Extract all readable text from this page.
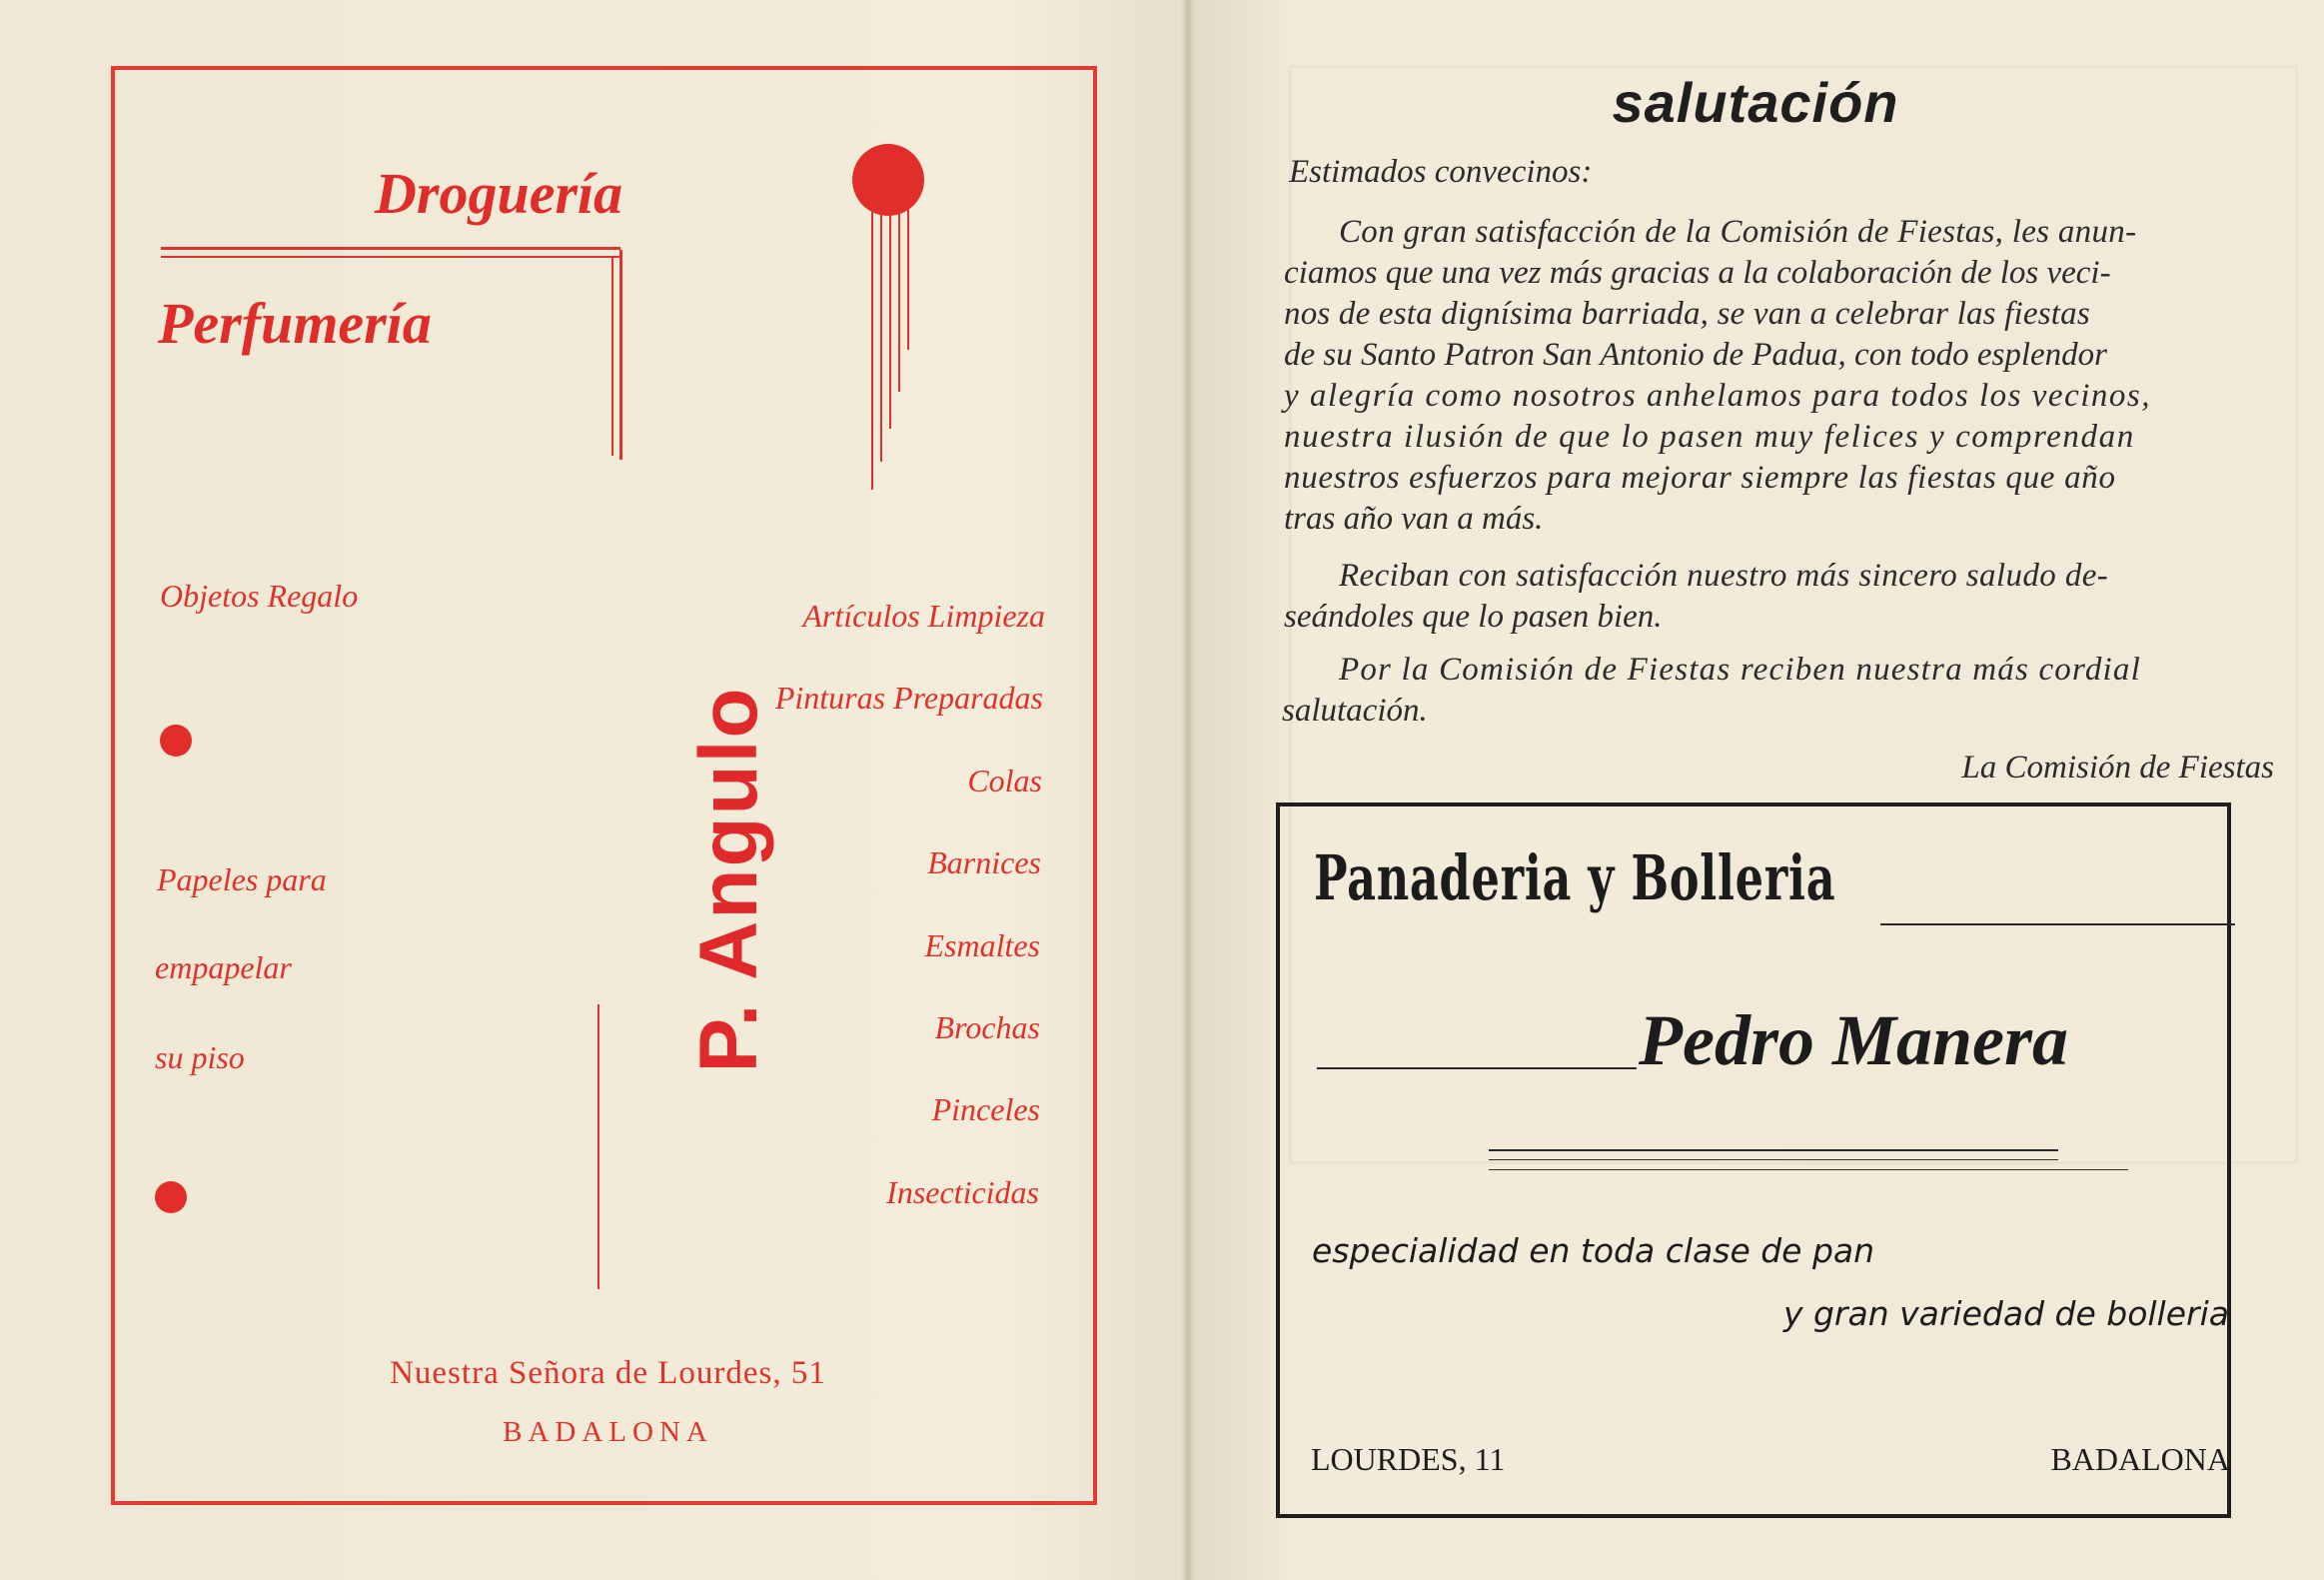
Droguería
Perfumería
P. Angulo
Objetos Regalo
Papeles para
empapelar
su piso
Artículos Limpieza
Pinturas Preparadas
Colas
Barnices
Esmaltes
Brochas
Pinceles
Insecticidas
Nuestra Señora de Lourdes, 51
BADALONA
salutación
Estimados convecinos:
Con gran satisfacción de la Comisión de Fiestas, les anun-
ciamos que una vez más gracias a la colaboración de los veci-
nos de esta dignísima barriada, se van a celebrar las fiestas
de su Santo Patron San Antonio de Padua, con todo esplendor
y alegría como nosotros anhelamos para todos los vecinos,
nuestra ilusión de que lo pasen muy felices y comprendan
nuestros esfuerzos para mejorar siempre las fiestas que año
tras año van a más.
Reciban con satisfacción nuestro más sincero saludo de-
seándoles que lo pasen bien.
Por la Comisión de Fiestas reciben nuestra más cordial
salutación.
La Comisión de Fiestas
Panaderia y Bolleria
Pedro Manera
especialidad en toda clase de pan
y gran variedad de bolleria
LOURDES, 11	BADALONA
